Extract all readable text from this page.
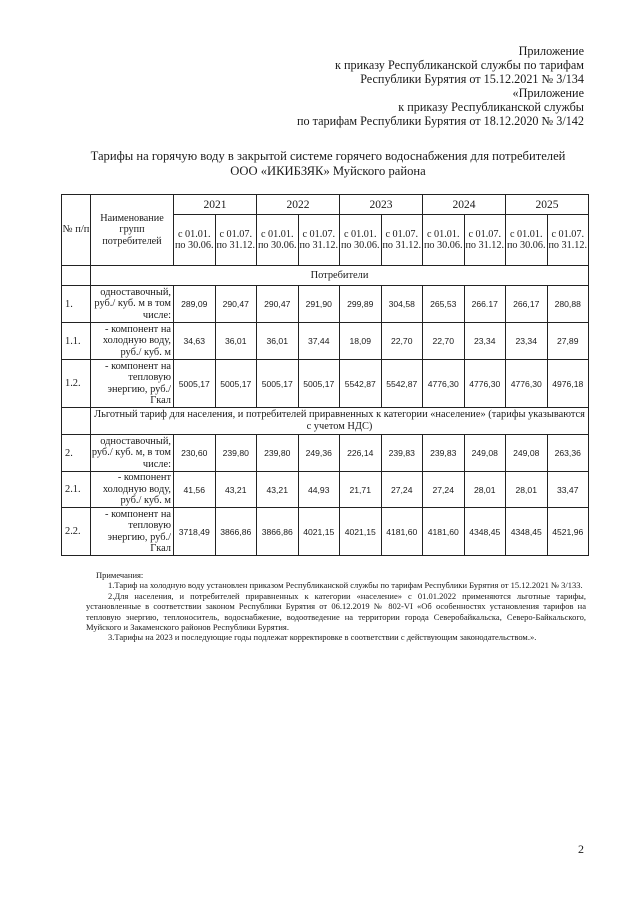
Приложение
к приказу Республиканской службы по тарифам
Республики Бурятия от 15.12.2021 № 3/134
«Приложение
к приказу Республиканской службы
по тарифам Республики Бурятия от 18.12.2020 № 3/142
Тарифы на горячую воду в закрытой системе горячего водоснабжения для потребителей
ООО «ИКИБЗЯК» Муйского района
№ п/п	Наименование групп потребителей	2021		2022		2023		2024		2025	
		с 01.01. по 30.06.	с 01.07. по 31.12.	с 01.01. по 30.06.	с 01.07. по 31.12.	с 01.01. по 30.06.	с 01.07. по 31.12.	с 01.01. по 30.06.	с 01.07. по 31.12.	с 01.01. по 30.06.	с 01.07. по 31.12.
	Потребители										
1.	одноставочный, руб./ куб. м в том числе:	289,09	290,47	290,47	291,90	299,89	304,58	265,53	266.17	266,17	280,88
1.1.	- компонент на холодную воду, руб./ куб. м	34,63	36,01	36,01	37,44	18,09	22,70	22,70	23,34	23,34	27,89
1.2.	- компонент на тепловую энергию, руб./Гкал	5005,17	5005,17	5005,17	5005,17	5542,87	5542,87	4776,30	4776,30	4776,30	4976,18
	Льготный тариф для населения, и потребителей приравненных к категории «население» (тарифы указываются с учетом НДС)										
2.	одноставочный, руб./ куб. м, в том числе:	230,60	239,80	239,80	249,36	226,14	239,83	239,83	249,08	249,08	263,36
2.1.	- компонент холодную воду, руб./ куб. м	41,56	43,21	43,21	44,93	21,71	27,24	27,24	28,01	28,01	33,47
2.2.	- компонент на тепловую энергию, руб./Гкал	3718,49	3866,86	3866,86	4021,15	4021,15	4181,60	4181,60	4348,45	4348,45	4521,96

Примечания:

1.Тариф на холодную воду установлен приказом Республиканской службы по тарифам Республики Бурятия от 15.12.2021 № 3/133.

2.Для населения, и потребителей приравненных к категории «население» с 01.01.2022 применяются льготные тарифы, установленные в соответствии законом Республики Бурятия от 06.12.2019 № 802-VI «Об особенностях установления тарифов на тепловую энергию, теплоноситель, водоснабжение, водоотведение на территории города Северобайкальска, Северо-Байкальского, Муйского и Закаменского районов Республики Бурятия.

3.Тарифы на 2023 и последующие годы подлежат корректировке в соответствии с действующим законодательством.».

2
